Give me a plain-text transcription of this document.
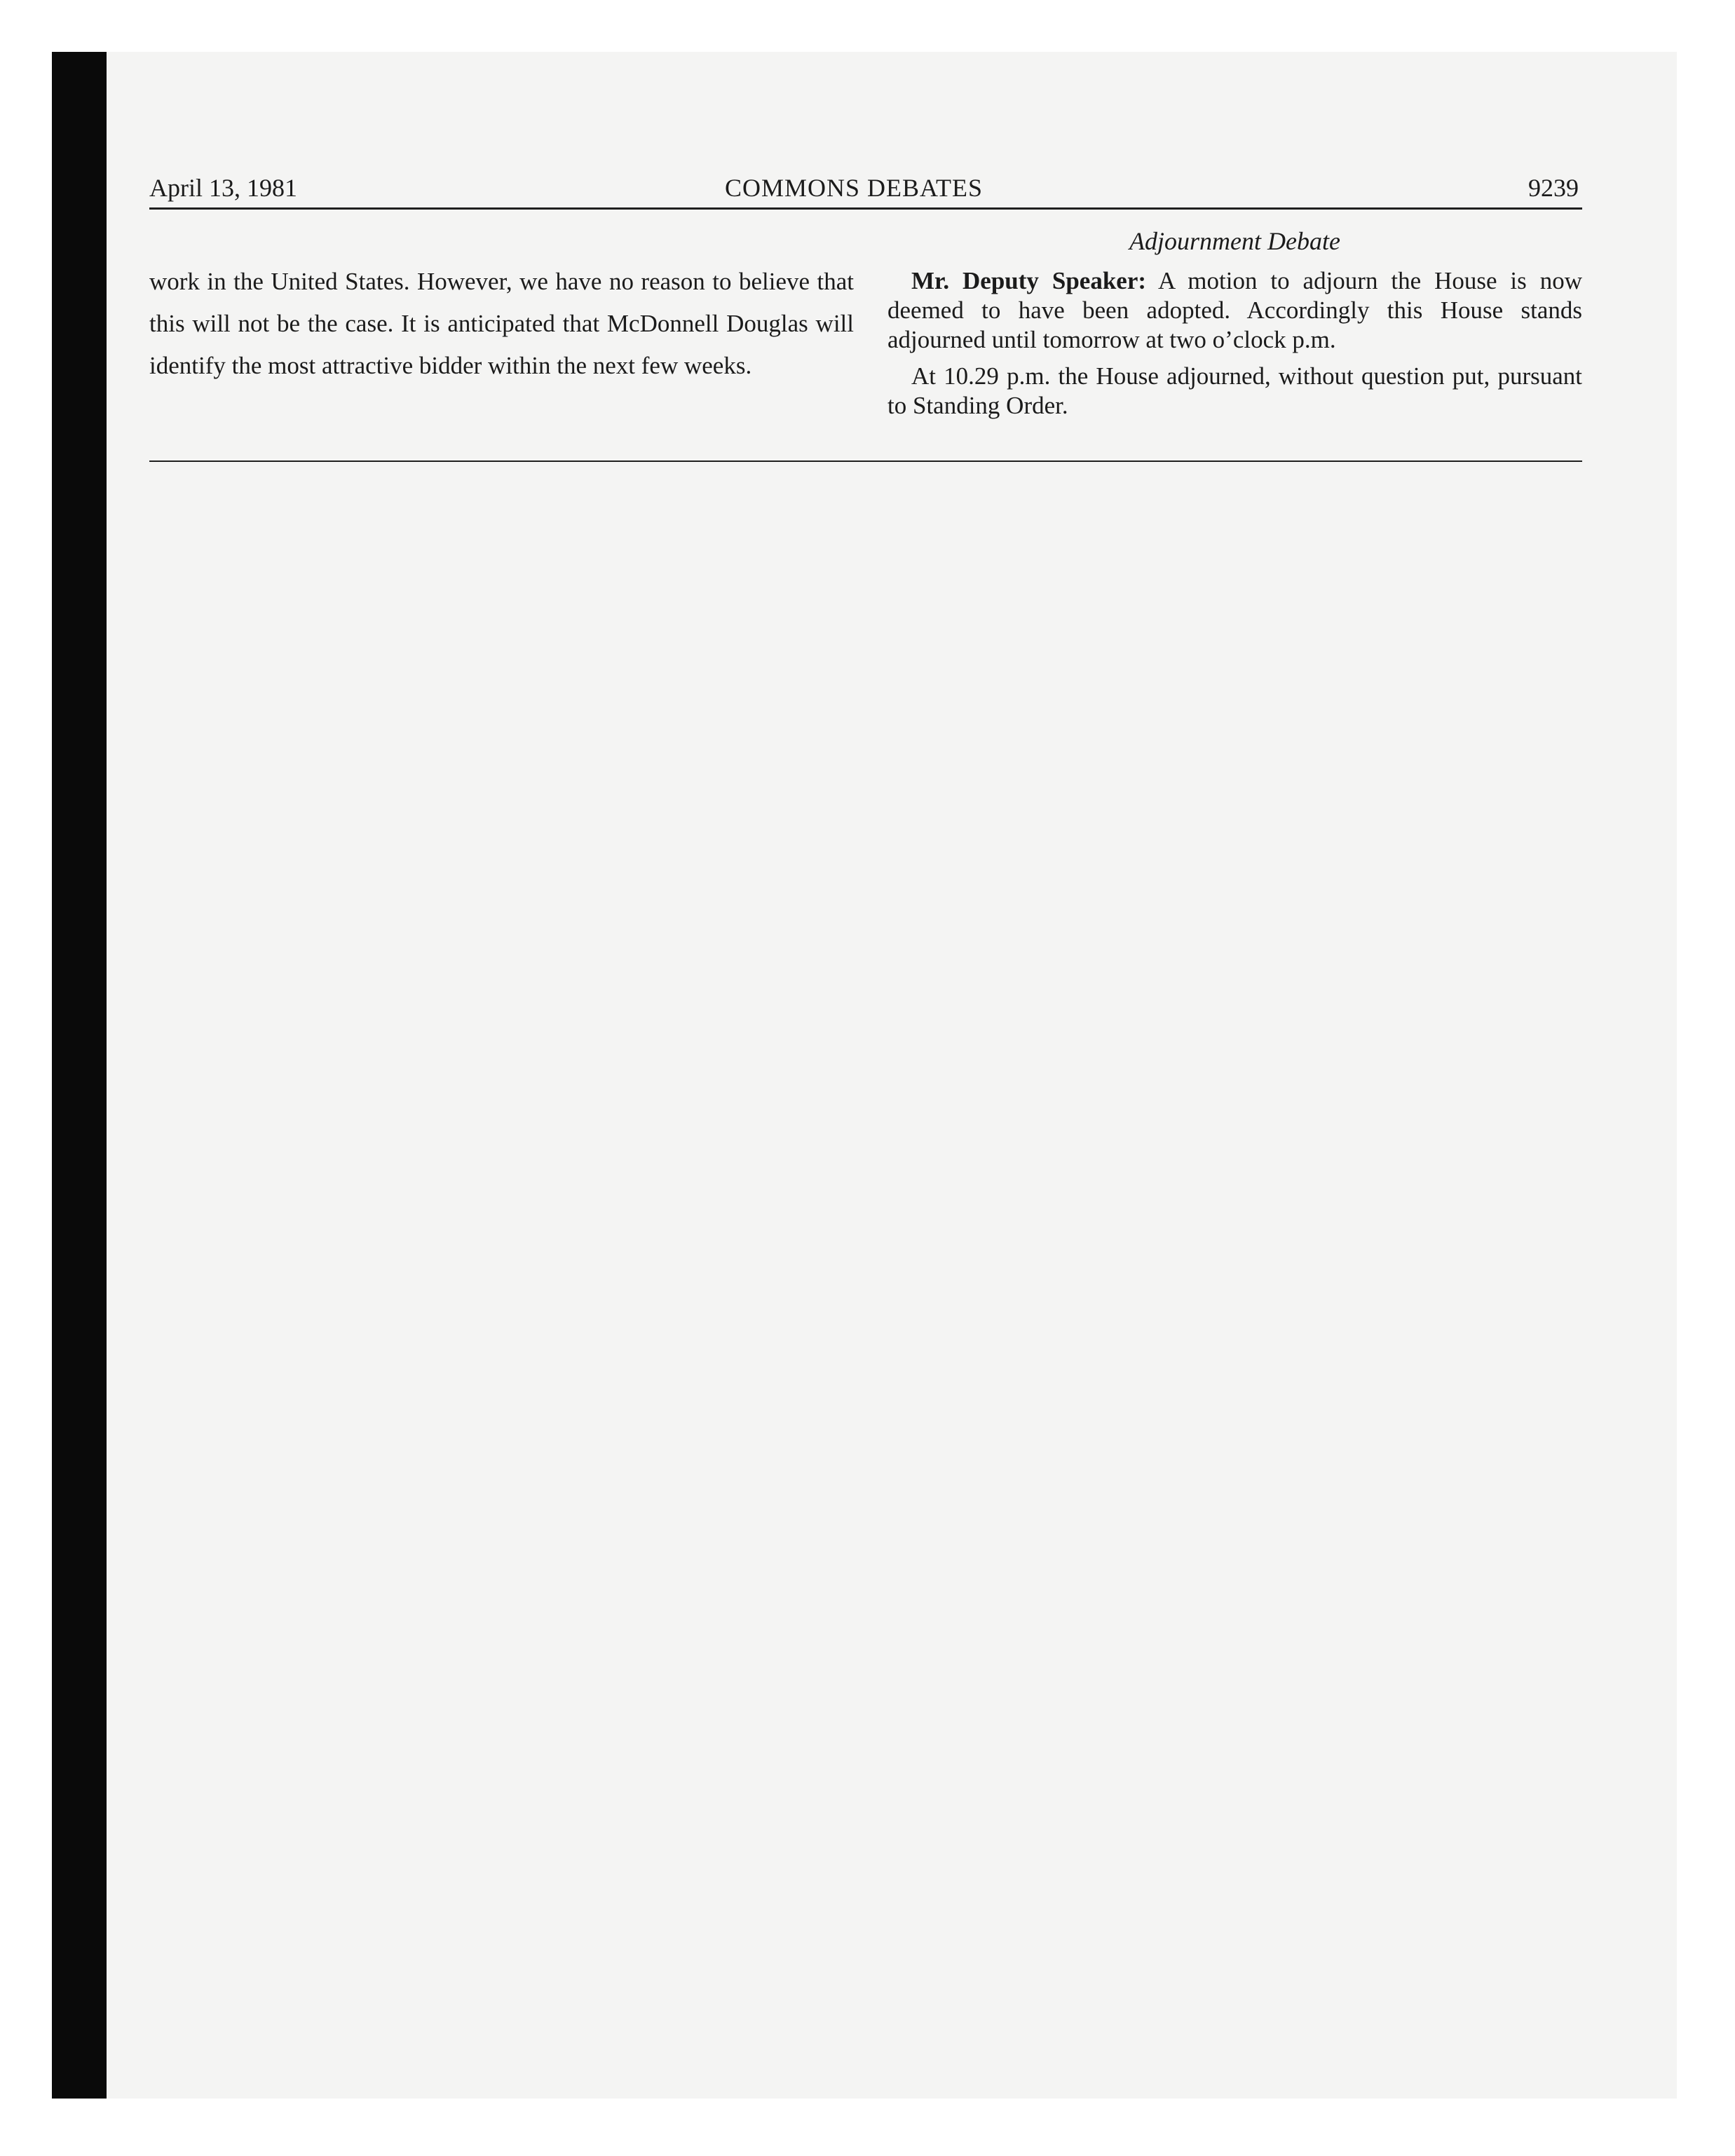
April 13, 1981	COMMONS DEBATES	9239

work in the United States. However, we have no reason to believe that this will not be the case. It is anticipated that McDonnell Douglas will identify the most attractive bidder within the next few weeks.

Adjournment Debate

Mr. Deputy Speaker: A motion to adjourn the House is now deemed to have been adopted. Accordingly this House stands adjourned until tomorrow at two o’clock p.m.

At 10.29 p.m. the House adjourned, without question put, pursuant to Standing Order.
